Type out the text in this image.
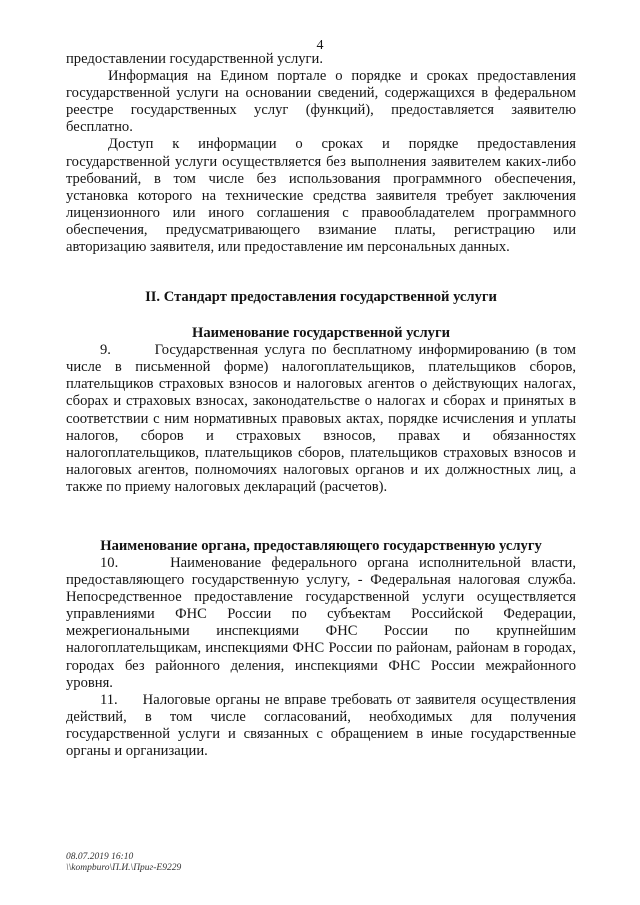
4

предоставлении государственной услуги.

Информация на Едином портале о порядке и сроках предоставления государственной услуги на основании сведений, содержащихся в федеральном реестре государственных услуг (функций), предоставляется заявителю бесплатно.

Доступ к информации о сроках и порядке предоставления государственной услуги осуществляется без выполнения заявителем каких-либо требований, в том числе без использования программного обеспечения, установка которого на технические средства заявителя требует заключения лицензионного или иного соглашения с правообладателем программного обеспечения, предусматривающего взимание платы, регистрацию или авторизацию заявителя, или предоставление им персональных данных.

II. Стандарт предоставления государственной услуги
Наименование государственной услуги

9.       Государственная услуга по бесплатному информированию (в том числе в письменной форме) налогоплательщиков, плательщиков сборов, плательщиков страховых взносов и налоговых агентов о действующих налогах, сборах и страховых взносах, законодательстве о налогах и сборах и принятых в соответствии с ним нормативных правовых актах, порядке исчисления и уплаты налогов, сборов и страховых взносов, правах и обязанностях налогоплательщиков, плательщиков сборов, плательщиков страховых взносов и налоговых агентов, полномочиях налоговых органов и их должностных лиц, а также по приему налоговых деклараций (расчетов).

Наименование органа, предоставляющего государственную услугу

10.     Наименование федерального органа исполнительной власти, предоставляющего государственную услугу, - Федеральная налоговая служба. Непосредственное предоставление государственной услуги осуществляется управлениями ФНС России по субъектам Российской Федерации, межрегиональными инспекциями ФНС России по крупнейшим налогоплательщикам, инспекциями ФНС России по районам, районам в городах, городах без районного деления, инспекциями ФНС России межрайонного уровня.

11.     Налоговые органы не вправе требовать от заявителя осуществления действий, в том числе согласований, необходимых для получения государственной услуги и связанных с обращением в иные государственные органы и организации.

08.07.2019 16:10
\\kompburo\П.И.\Приг-Е9229
